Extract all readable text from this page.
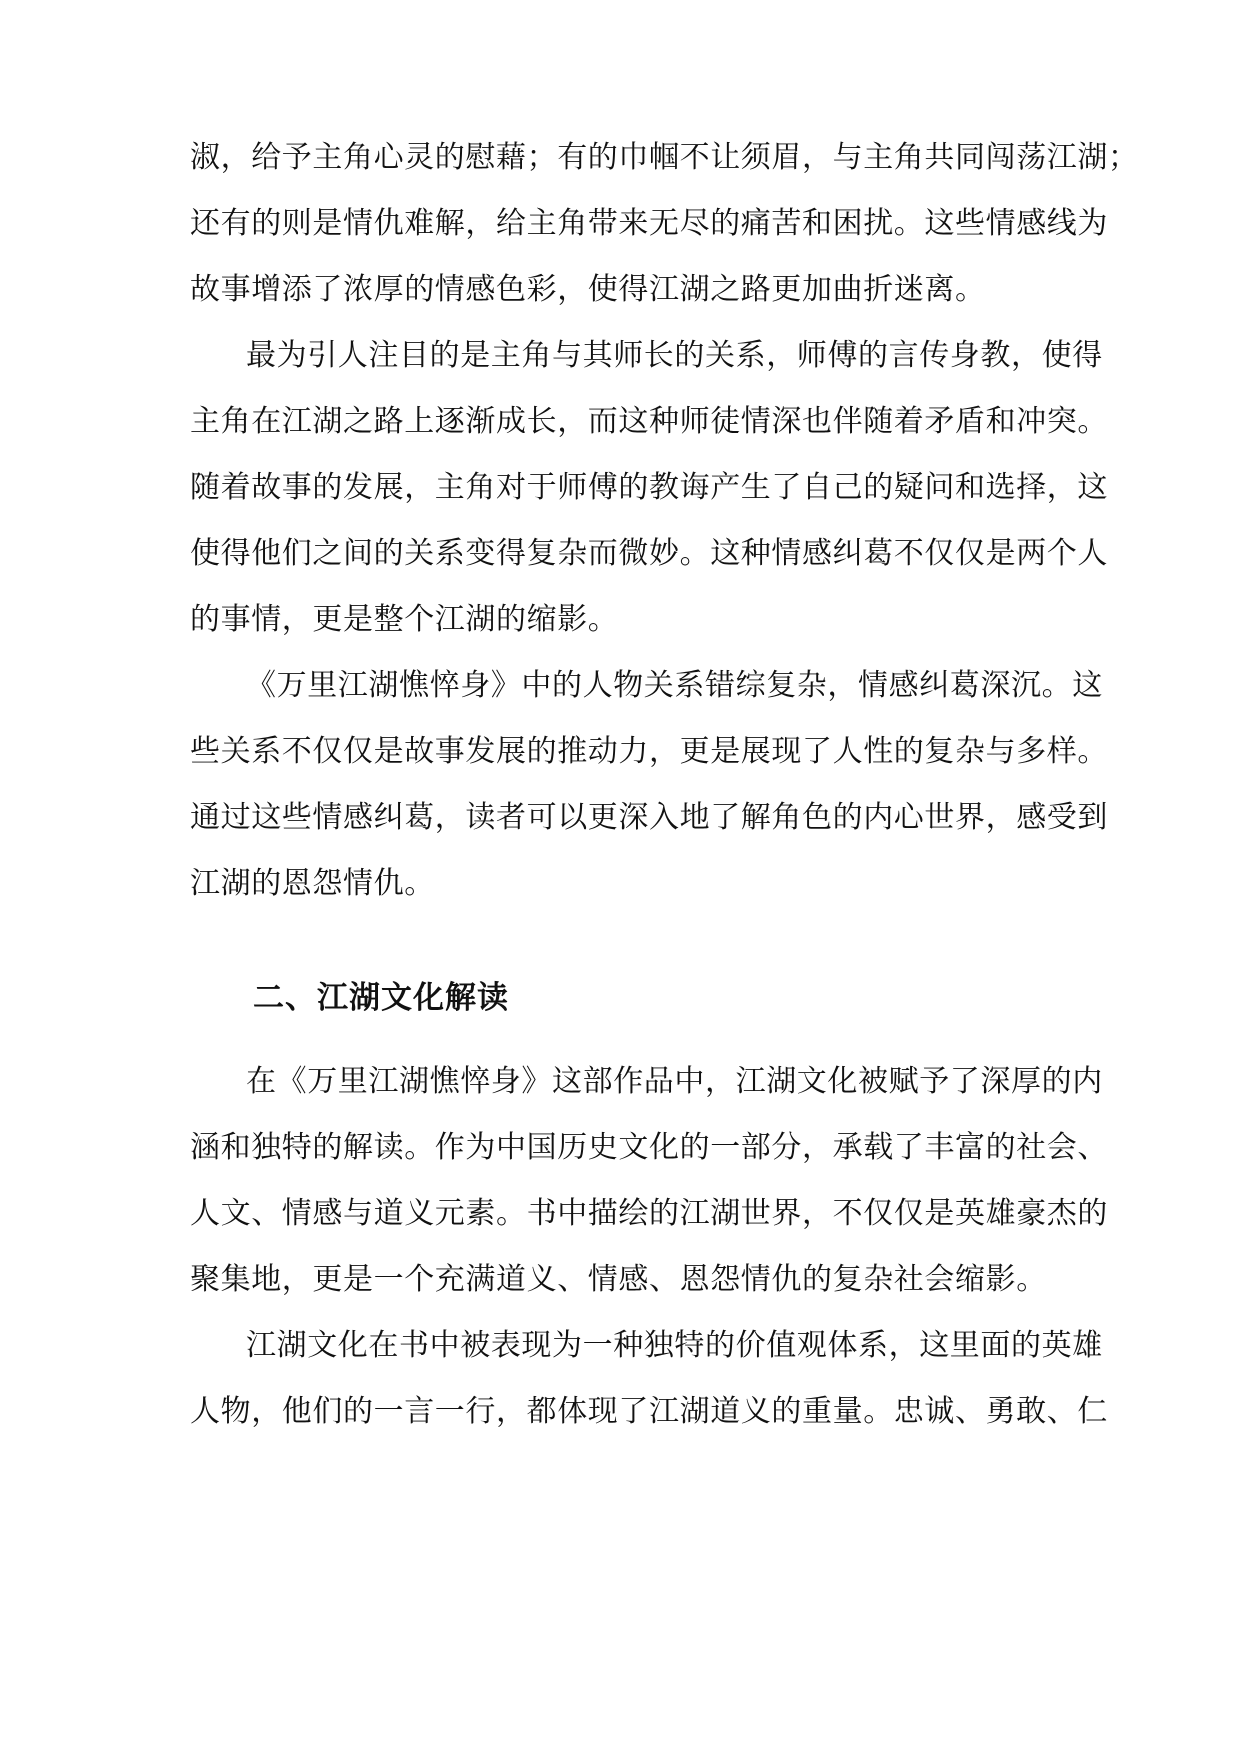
淑，给予主角心灵的慰藉；有的巾帼不让须眉，与主角共同闯荡江湖；
还有的则是情仇难解，给主角带来无尽的痛苦和困扰。这些情感线为
故事增添了浓厚的情感色彩，使得江湖之路更加曲折迷离。
最为引人注目的是主角与其师长的关系，师傅的言传身教，使得
主角在江湖之路上逐渐成长，而这种师徒情深也伴随着矛盾和冲突。
随着故事的发展，主角对于师傅的教诲产生了自己的疑问和选择，这
使得他们之间的关系变得复杂而微妙。这种情感纠葛不仅仅是两个人
的事情，更是整个江湖的缩影。
《万里江湖憔悴身》中的人物关系错综复杂，情感纠葛深沉。这
些关系不仅仅是故事发展的推动力，更是展现了人性的复杂与多样。
通过这些情感纠葛，读者可以更深入地了解角色的内心世界，感受到
江湖的恩怨情仇。
二、江湖文化解读
在《万里江湖憔悴身》这部作品中，江湖文化被赋予了深厚的内
涵和独特的解读。作为中国历史文化的一部分，承载了丰富的社会、
人文、情感与道义元素。书中描绘的江湖世界，不仅仅是英雄豪杰的
聚集地，更是一个充满道义、情感、恩怨情仇的复杂社会缩影。
江湖文化在书中被表现为一种独特的价值观体系，这里面的英雄
人物，他们的一言一行，都体现了江湖道义的重量。忠诚、勇敢、仁
